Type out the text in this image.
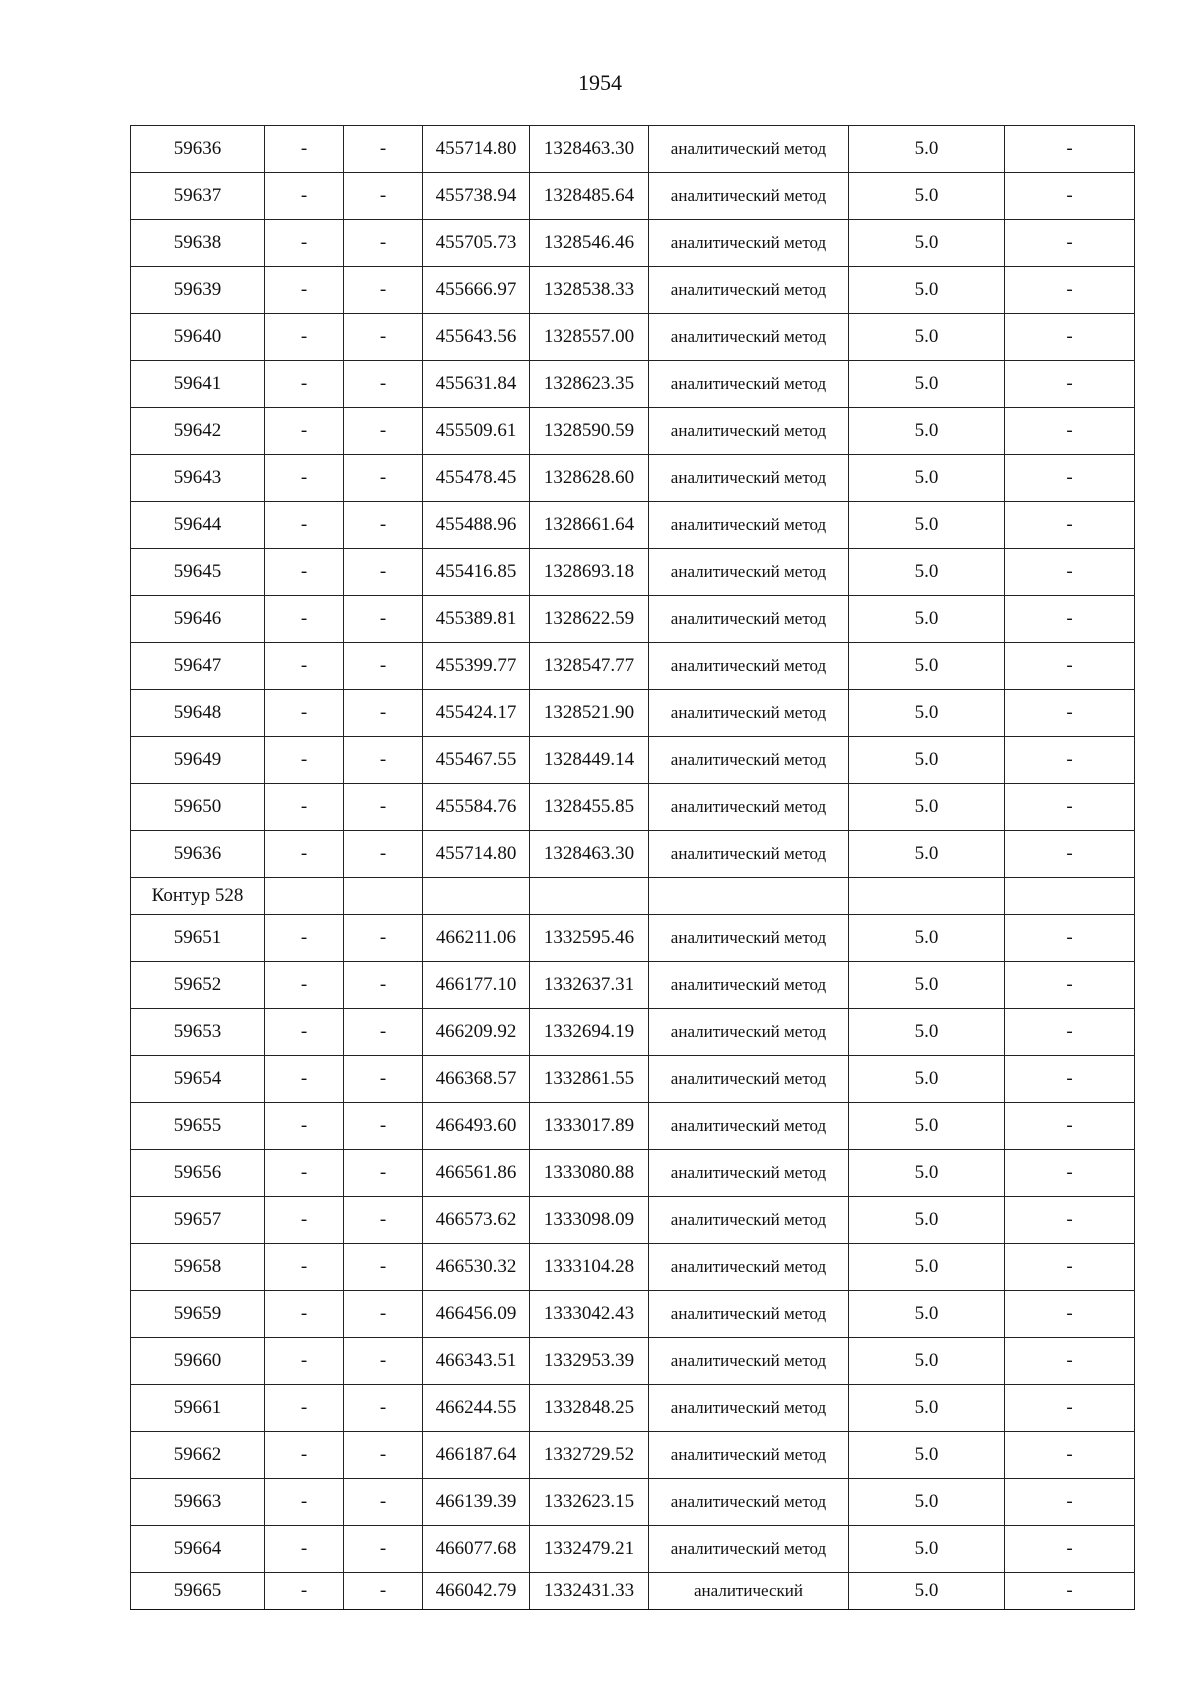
1954
59636	-	-	455714.80	1328463.30	аналитический метод	5.0	-
59637	-	-	455738.94	1328485.64	аналитический метод	5.0	-
59638	-	-	455705.73	1328546.46	аналитический метод	5.0	-
59639	-	-	455666.97	1328538.33	аналитический метод	5.0	-
59640	-	-	455643.56	1328557.00	аналитический метод	5.0	-
59641	-	-	455631.84	1328623.35	аналитический метод	5.0	-
59642	-	-	455509.61	1328590.59	аналитический метод	5.0	-
59643	-	-	455478.45	1328628.60	аналитический метод	5.0	-
59644	-	-	455488.96	1328661.64	аналитический метод	5.0	-
59645	-	-	455416.85	1328693.18	аналитический метод	5.0	-
59646	-	-	455389.81	1328622.59	аналитический метод	5.0	-
59647	-	-	455399.77	1328547.77	аналитический метод	5.0	-
59648	-	-	455424.17	1328521.90	аналитический метод	5.0	-
59649	-	-	455467.55	1328449.14	аналитический метод	5.0	-
59650	-	-	455584.76	1328455.85	аналитический метод	5.0	-
59636	-	-	455714.80	1328463.30	аналитический метод	5.0	-
Контур 528							
59651	-	-	466211.06	1332595.46	аналитический метод	5.0	-
59652	-	-	466177.10	1332637.31	аналитический метод	5.0	-
59653	-	-	466209.92	1332694.19	аналитический метод	5.0	-
59654	-	-	466368.57	1332861.55	аналитический метод	5.0	-
59655	-	-	466493.60	1333017.89	аналитический метод	5.0	-
59656	-	-	466561.86	1333080.88	аналитический метод	5.0	-
59657	-	-	466573.62	1333098.09	аналитический метод	5.0	-
59658	-	-	466530.32	1333104.28	аналитический метод	5.0	-
59659	-	-	466456.09	1333042.43	аналитический метод	5.0	-
59660	-	-	466343.51	1332953.39	аналитический метод	5.0	-
59661	-	-	466244.55	1332848.25	аналитический метод	5.0	-
59662	-	-	466187.64	1332729.52	аналитический метод	5.0	-
59663	-	-	466139.39	1332623.15	аналитический метод	5.0	-
59664	-	-	466077.68	1332479.21	аналитический метод	5.0	-
59665	-	-	466042.79	1332431.33	аналитический	5.0	-
